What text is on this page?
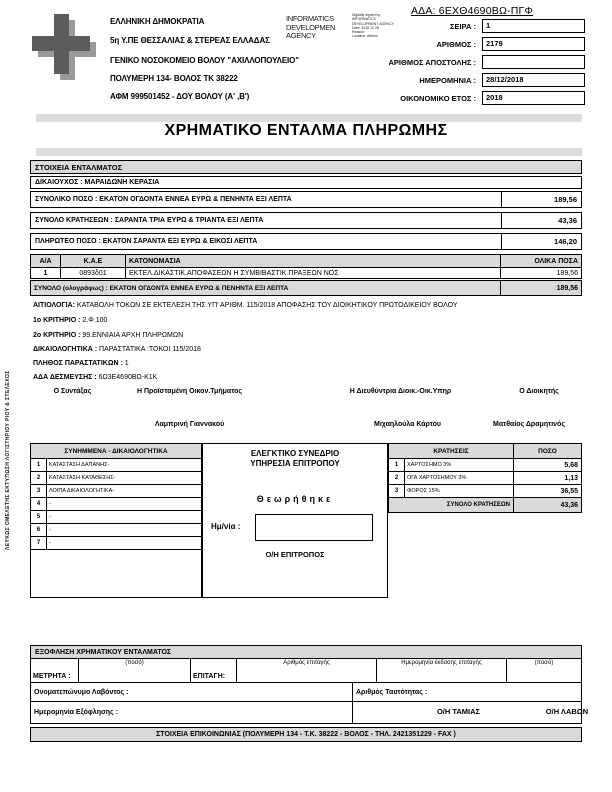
ΕΛΛΗΝΙΚΗ ΔΗΜΟΚΡΑΤΙΑ
5η Υ.ΠΕ ΘΕΣΣΑΛΙΑΣ & ΣΤΕΡΕΑΣ ΕΛΛΑΔΑΣ
ΓΕΝΙΚΟ ΝΟΣΟΚΟΜΕΙΟ ΒΟΛΟΥ "ΑΧΙΛΛΟΠΟΥΛΕΙΟ"
ΠΟΛΥΜΕΡΗ 134- ΒΟΛΟΣ ΤΚ 38222
ΑΦΜ 999501452 - ΔΟΥ ΒΟΛΟΥ (Α' ,Β')
INFORMATICS
DEVELOPMEN
AGENCY
Digitally signed by
INFORMATICS
DEVELOPMENT AGENCY
Date: 2018.12.28
Reason:
Location: Athens
ΑΔΑ: 6ΕΧΘ4690ΒΩ-ΠΓΦ
ΣΕΙΡΑ :	1
ΑΡΙΘΜΟΣ :	2179
ΑΡΙΘΜΟΣ ΑΠΟΣΤΟΛΗΣ :
ΗΜΕΡΟΜΗΝΙΑ :	28/12/2018
ΟΙΚΟΝΟΜΙΚΟ ΕΤΟΣ :	2018
ΧΡΗΜΑΤΙΚΟ ΕΝΤΑΛΜΑ ΠΛΗΡΩΜΗΣ
ΣΤΟΙΧΕΙΑ ΕΝΤΑΛΜΑΤΟΣ
ΔΙΚΑΙΟΥΧΟΣ :
ΜΑΡΑΙΔΩΝΗ ΚΕΡΑΣΙΑ
ΣΥΝΟΛΙΚΟ ΠΟΣΟ : ΕΚΑΤΟΝ ΟΓΔΟΝΤΑ ΕΝΝΕΑ ΕΥΡΩ & ΠΕΝΗΝΤΑ ΕΞΙ ΛΕΠΤΑ	189,56
ΣΥΝΟΛΟ ΚΡΑΤΗΣΕΩΝ : ΣΑΡΑΝΤΑ ΤΡΙΑ ΕΥΡΩ & ΤΡΙΑΝΤΑ ΕΞΙ ΛΕΠΤΑ	43,36
ΠΛΗΡΩΤΕΟ ΠΟΣΟ : ΕΚΑΤΟΝ ΣΑΡΑΝΤΑ ΕΞΙ ΕΥΡΩ & ΕΙΚΟΣΙ ΛΕΠΤΑ	146,20
Α/Α	Κ.Α.Ε	ΚΑΤΟΝΟΜΑΣΙΑ	ΟΛΙΚΑ ΠΟΣΑ
1	0893δ01	ΕΚΤΕΛ.ΔΙΚΑΣΤΙΚ.ΑΠΟΦΑΣΕΩΝ Η ΣΥΜΒΙΒΑΣΤΙΚ.ΠΡΑΞΕΩΝ ΝΟΣ	189,56
ΣΥΝΟΛΟ (ολογράφως) : ΕΚΑΤΟΝ ΟΓΔΟΝΤΑ ΕΝΝΕΑ ΕΥΡΩ & ΠΕΝΗΝΤΑ ΕΞΙ ΛΕΠΤΑ	189,56
ΑΙΤΙΟΛΟΓΙΑ: ΚΑΤΑΒΟΛΗ ΤΟΚΩΝ ΣΕ ΕΚΤΕΛΕΣΗ ΤΗΣ ΥΠ' ΑΡΙΘΜ. 115/2018 ΑΠΟΦΑΣΗΣ ΤΟΥ ΔΙΟΙΚΗΤΙΚΟΥ ΠΡΩΤΟΔΙΚΕΙΟΥ ΒΟΛΟΥ
1ο ΚΡΙΤΗΡΙΟ : 2.Φ.100
2ο ΚΡΙΤΗΡΙΟ : 99.ΕΝΝΙΑΙΑ ΑΡΧΗ ΠΛΗΡΩΜΩΝ
ΔΙΚΑΙΟΛΟΓΗΤΙΚΑ : ΠΑΡΑΣΤΑΤΙΚΑ :ΤΟΚΟΙ 115/2018
ΠΛΗΘΟΣ ΠΑΡΑΣΤΑΤΙΚΩΝ : 1
ΑΔΑ ΔΕΣΜΕΥΣΗΣ : 6Ω3Ε4690ΒΩ-Κ1Κ
Ο Συντάξας	Η Προϊσταμένη Οικον.Τμήματος	Η Διευθύντρια Διοικ.-Οικ.Υπηρ	Ο Διοικητής
Λαμπρινή Γιαννακού	Μιχαηλούλα Κάρτου	Ματθαίος Δραμητινός
ΣΥΝΗΜΜΕΝΑ - ΔΙΚΑΙΟΛΟΓΗΤΙΚΑ
1	ΚΑΤΑΣΤΑΣΗ ΔΑΠΑΝΗΣ-
2	ΚΑΤΑΣΤΑΣΗ ΚΑΤΑΘΕΣΗΣ-
3	ΛΟΙΠΑ ΔΙΚΑΙΟΛΟΓΗΤΙΚΑ-
4	-
5	-
6	-
7	-
ΕΛΕΓΚΤΙΚΟ ΣΥΝΕΔΡΙΟ
ΥΠΗΡΕΣΙΑ ΕΠΙΤΡΟΠΟΥ
Θεωρήθηκε
Ημ/νία :
Ο/Η ΕΠΙΤΡΟΠΟΣ
ΚΡΑΤΗΣΕΙΣ	ΠΟΣΟ
1	ΧΑΡΤΟΣΗΜΟ 3%	5,68
2	ΟΓΑ ΧΑΡΤΟΣΗΜΟΥ 3%	1,13
3	ΦΟΡΟΣ 15%	36,55
ΣΥΝΟΛΟ ΚΡΑΤΗΣΕΩΝ	43,36
ΕΞΟΦΛΗΣΗ ΧΡΗΜΑΤΙΚΟΥ ΕΝΤΑΛΜΑΤΟΣ
ΜΕΤΡΗΤΑ :
(ποσό)
ΕΠΙΤΑΓΗ:
Αριθμός επιταγής	Ημερομηνία έκδοσης επιταγής	(ποσό)
Ονοματεπώνυμο Λαβόντος :	Αριθμός Ταυτότητας :
Ημερομηνία Εξόφλησης :	Ο/Η ΤΑΜΙΑΣ	Ο/Η ΛΑΒΩΝ
ΣΤΟΙΧΕΙΑ ΕΠΙΚΟΙΝΩΝΙΑΣ (ΠΟΛΥΜΕΡΗ 134 - Τ.Κ. 38222 - ΒΟΛΟΣ - ΤΗΛ. 2421351229 - FAX )
ΛΕΥΚΩΣ ΟΜΕΛΕΤΗΣ ΕΚΤΥΠΩΣΗ ΛΟΓΙΣΤΗΡΙΟΥ ΡΙΟΥ & ΣΤΕΛΕΧΟΣ
